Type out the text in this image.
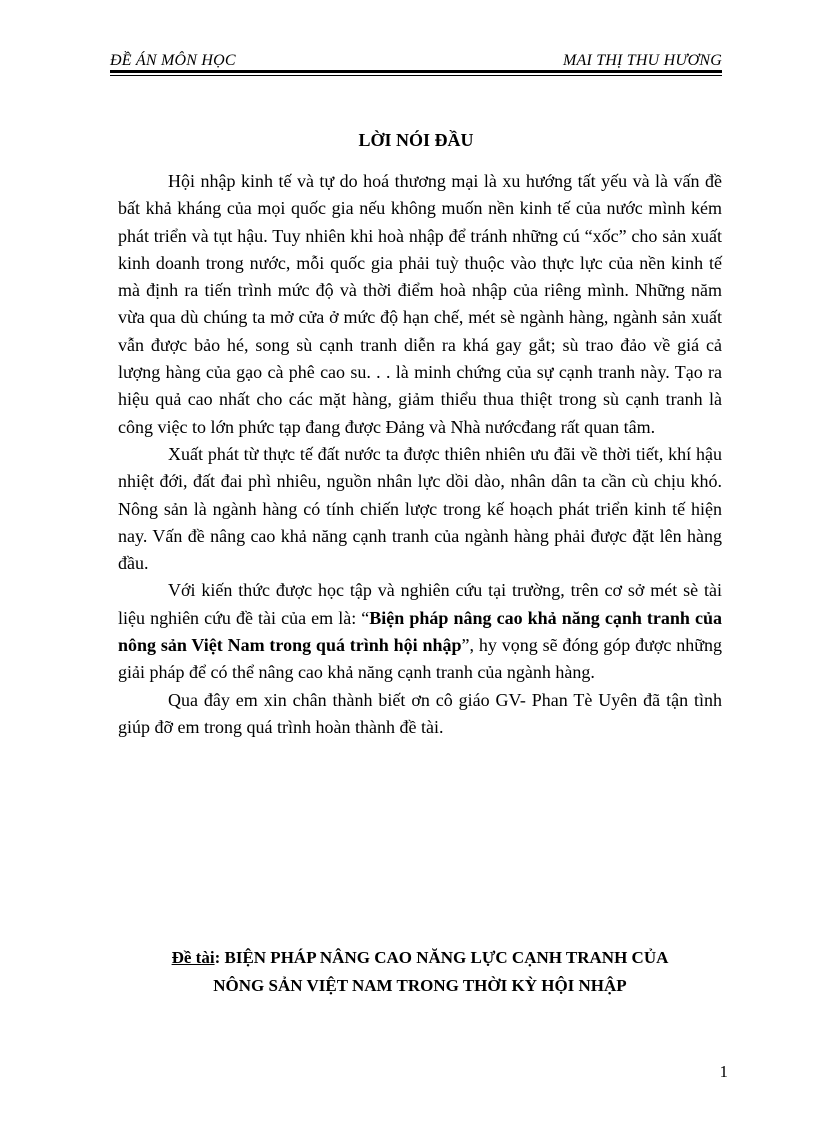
ĐỀ ÁN MÔN HỌC	MAI THỊ THU HƯƠNG
LỜI NÓI ĐẦU

Hội nhập kinh tế và tự do hoá thương mại là xu hướng tất yếu và là vấn đề bất khả kháng của mọi quốc gia nếu không muốn nền kinh tế của nước mình kém phát triển và tụt hậu. Tuy nhiên khi hoà nhập để tránh những cú “xốc” cho sản xuất kinh doanh trong nước, mỗi quốc gia phải tuỳ thuộc vào thực lực của nền kinh tế mà định ra tiến trình mức độ và thời điểm hoà nhập của riêng mình. Những năm vừa qua dù chúng ta mở cửa ở mức độ hạn chế, mét sè ngành hàng, ngành sản xuất vẫn được bảo hé, song sù cạnh tranh diễn ra khá gay gắt; sù trao đảo về giá cả lượng hàng của gạo cà phê cao su. . . là minh chứng của sự cạnh tranh này. Tạo ra hiệu quả cao nhất cho các mặt hàng, giảm thiểu thua thiệt trong sù cạnh tranh là công việc to lớn phức tạp đang được Đảng và Nhà nướcđang rất quan tâm.

Xuất phát từ thực tế đất nước ta được thiên nhiên ưu đãi về thời tiết, khí hậu nhiệt đới, đất đai phì nhiêu, nguồn nhân lực dồi dào, nhân dân ta cần cù chịu khó. Nông sản là ngành hàng có tính chiến lược trong kế hoạch phát triển kinh tế hiện nay. Vấn đề nâng cao khả năng cạnh tranh của ngành hàng phải được đặt lên hàng đầu.

Với kiến thức được học tập và nghiên cứu tại trường, trên cơ sở mét sè tài liệu nghiên cứu đề tài của em là: “Biện pháp nâng cao khả năng cạnh tranh của nông sản Việt Nam trong quá trình hội nhập”, hy vọng sẽ đóng góp được những giải pháp để có thể nâng cao khả năng cạnh tranh của ngành hàng.

Qua đây em xin chân thành biết ơn cô giáo GV- Phan Tè Uyên đã tận tình giúp đỡ em trong quá trình hoàn thành đề tài.

Đề tài: BIỆN PHÁP NÂNG CAO NĂNG LỰC CẠNH TRANH CỦA
NÔNG SẢN VIỆT NAM TRONG THỜI KỲ HỘI NHẬP
1
